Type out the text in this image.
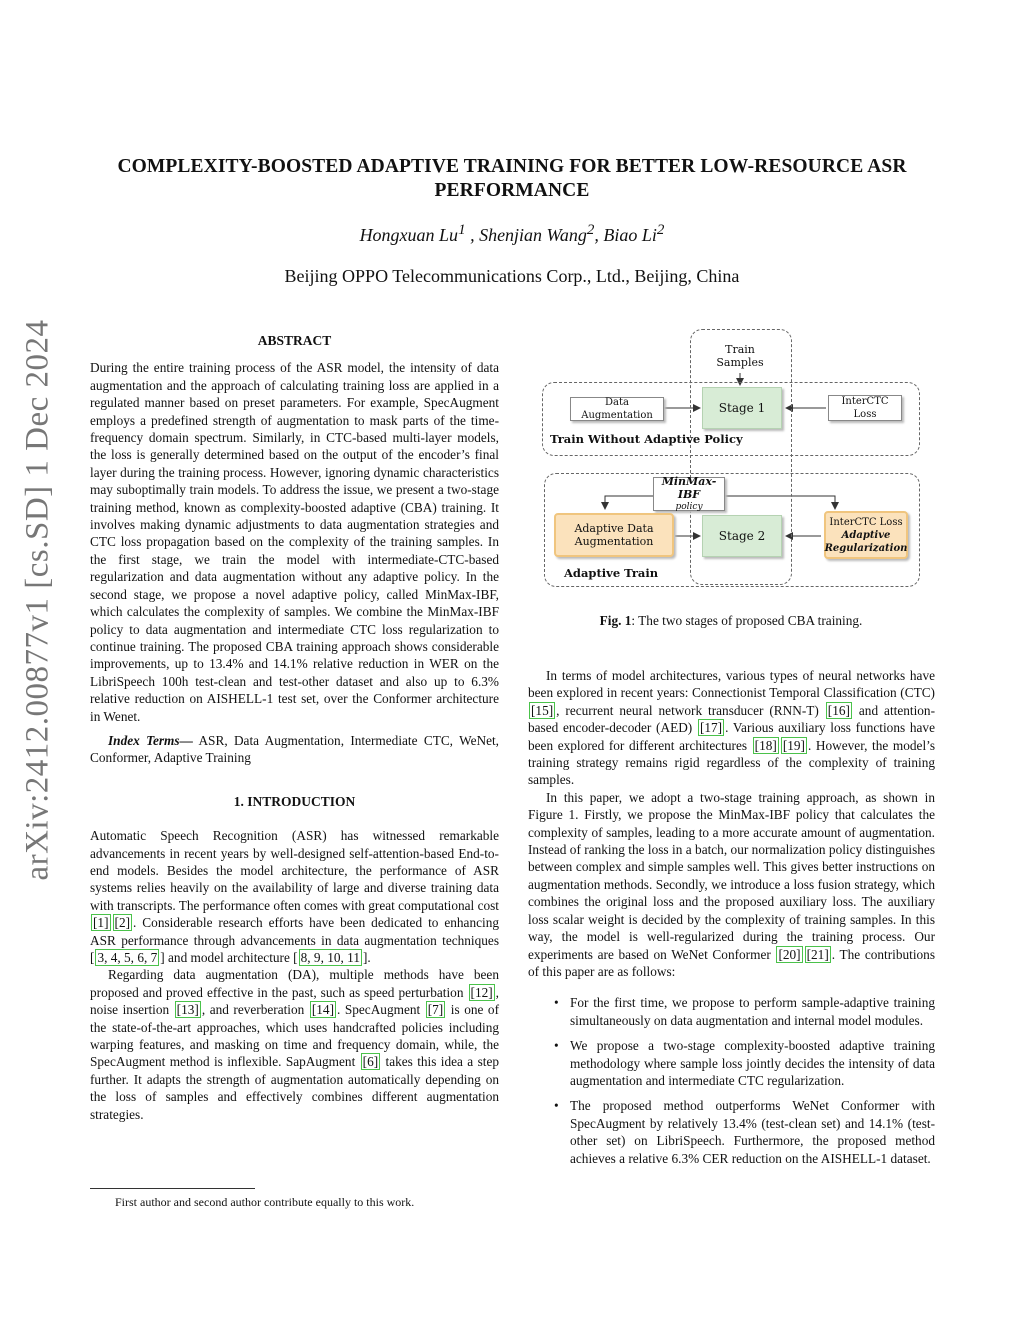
arXiv:2412.00877v1 [cs.SD] 1 Dec 2024
COMPLEXITY-BOOSTED ADAPTIVE TRAINING FOR BETTER LOW-RESOURCE ASR PERFORMANCE
Hongxuan Lu$^1$ , Shenjian Wang$^2$, Biao Li$^2$
Beijing OPPO Telecommunications Corp., Ltd., Beijing, China
ABSTRACT

During the entire training process of the ASR model, the intensity of data augmentation and the approach of calculating training loss are applied in a regulated manner based on preset parameters. For example, SpecAugment employs a predefined strength of augmentation to mask parts of the time-frequency domain spectrum. Similarly, in CTC-based multi-layer models, the loss is generally determined based on the output of the encoder’s final layer during the training process. However, ignoring dynamic characteristics may suboptimally train models. To address the issue, we present a two-stage training method, known as complexity-boosted adaptive (CBA) training. It involves making dynamic adjustments to data augmentation strategies and CTC loss propagation based on the complexity of the training samples. In the first stage, we train the model with intermediate-CTC-based regularization and data augmentation without any adaptive policy. In the second stage, we propose a novel adaptive policy, called MinMax-IBF, which calculates the complexity of samples. We combine the MinMax-IBF policy to data augmentation and intermediate CTC loss regularization to continue training. The proposed CBA training approach shows considerable improvements, up to 13.4% and 14.1% relative reduction in WER on the LibriSpeech 100h test-clean and test-other dataset and also up to 6.3% relative reduction on AISHELL-1 test set, over the Conformer architecture in Wenet.

Index Terms— ASR, Data Augmentation, Intermediate CTC, WeNet, Conformer, Adaptive Training

1. INTRODUCTION

Automatic Speech Recognition (ASR) has witnessed remarkable advancements in recent years by well-designed self-attention-based End-to-end models. Besides the model architecture, the performance of ASR systems relies heavily on the availability of large and diverse training data with transcripts. The performance often comes with great computational cost [1] [2] . Considerable research efforts have been dedicated to enhancing ASR performance through advancements in data augmentation techniques [ 3, 4, 5, 6, 7 ] and model architecture [ 8, 9, 10, 11 ].

Regarding data augmentation (DA), multiple methods have been proposed and proved effective in the past, such as speed perturbation [12] , noise insertion [13] , and reverberation [14] . SpecAugment [7] is one of the state-of-the-art approaches, which uses handcrafted policies including warping features, and masking on time and frequency domain, while, the SpecAugment method is inflexible. SapAugment [6] takes this idea a step further. It adapts the strength of augmentation automatically depending on the loss of samples and effectively combines different augmentation strategies.

First author and second author contribute equally to this work.
Train Samples
Data Augmentation
Stage 1	InterCTC Loss
Train Without Adaptive Policy
MinMax-IBF
policy
Adaptive Data Augmentation	Stage 2
InterCTC Loss
Adaptive Regularization
Adaptive Train
Fig. 1: The two stages of proposed CBA training.

In terms of model architectures, various types of neural networks have been explored in recent years: Connectionist Temporal Classification (CTC) [15] , recurrent neural network transducer (RNN-T) [16] and attention-based encoder-decoder (AED) [17] . Various auxiliary loss functions have been explored for different architectures [18] [19] . However, the model’s training strategy remains rigid regardless of the complexity of training samples.

In this paper, we adopt a two-stage training approach, as shown in Figure 1. Firstly, we propose the MinMax-IBF policy that calculates the complexity of samples, leading to a more accurate amount of augmentation. Instead of ranking the loss in a batch, our normalization policy distinguishes between complex and simple samples well. This gives better instructions on augmentation methods. Secondly, we introduce a loss fusion strategy, which combines the original loss and the proposed auxiliary loss. The auxiliary loss scalar weight is decided by the complexity of training samples. In this way, the model is well-regularized during the training process. Our experiments are based on WeNet Conformer [20] [21] . The contributions of this paper are as follows:

• For the first time, we propose to perform sample-adaptive training simultaneously on data augmentation and internal model modules.
• We propose a two-stage complexity-boosted adaptive training methodology where sample loss jointly decides the intensity of data augmentation and intermediate CTC regularization.
• The proposed method outperforms WeNet Conformer with SpecAugment by relatively 13.4% (test-clean set) and 14.1% (test-other set) on LibriSpeech. Furthermore, the proposed method achieves a relative 6.3% CER reduction on the AISHELL-1 dataset.
